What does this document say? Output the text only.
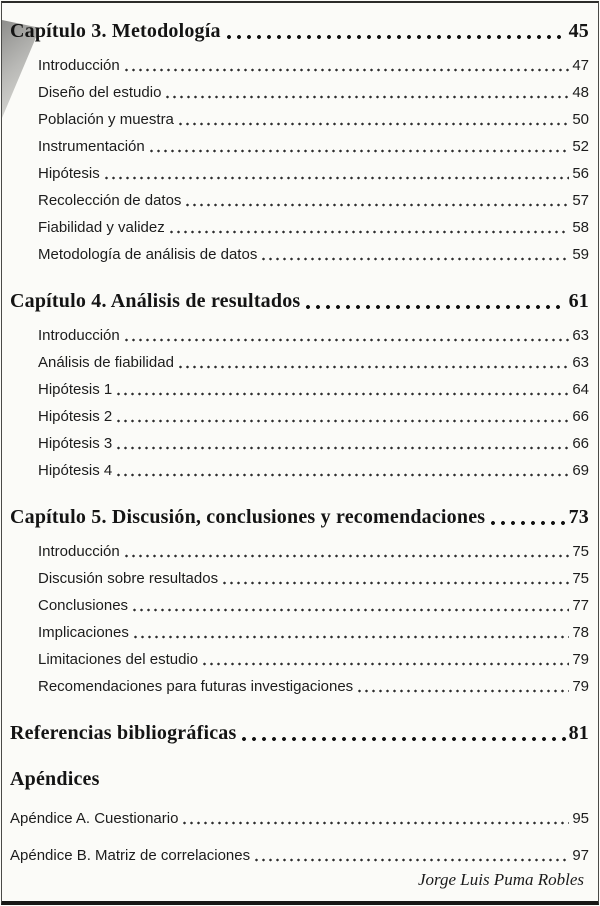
Capítulo 3. Metodología	45
Introducción	47
Diseño del estudio	48
Población y muestra	50
Instrumentación	52
Hipótesis	56
Recolección de datos	57
Fiabilidad y validez	58
Metodología de análisis de datos	59
Capítulo 4. Análisis de resultados	61
Introducción	63
Análisis de fiabilidad	63
Hipótesis 1	64
Hipótesis 2	66
Hipótesis 3	66
Hipótesis 4	69
Capítulo 5. Discusión, conclusiones y recomendaciones	73
Introducción	75
Discusión sobre resultados	75
Conclusiones	77
Implicaciones	78
Limitaciones del estudio	79
Recomendaciones para futuras investigaciones	79
Referencias bibliográficas	81
Apéndices
Apéndice A. Cuestionario	95
Apéndice B. Matriz de correlaciones	97
Jorge Luis Puma Robles
